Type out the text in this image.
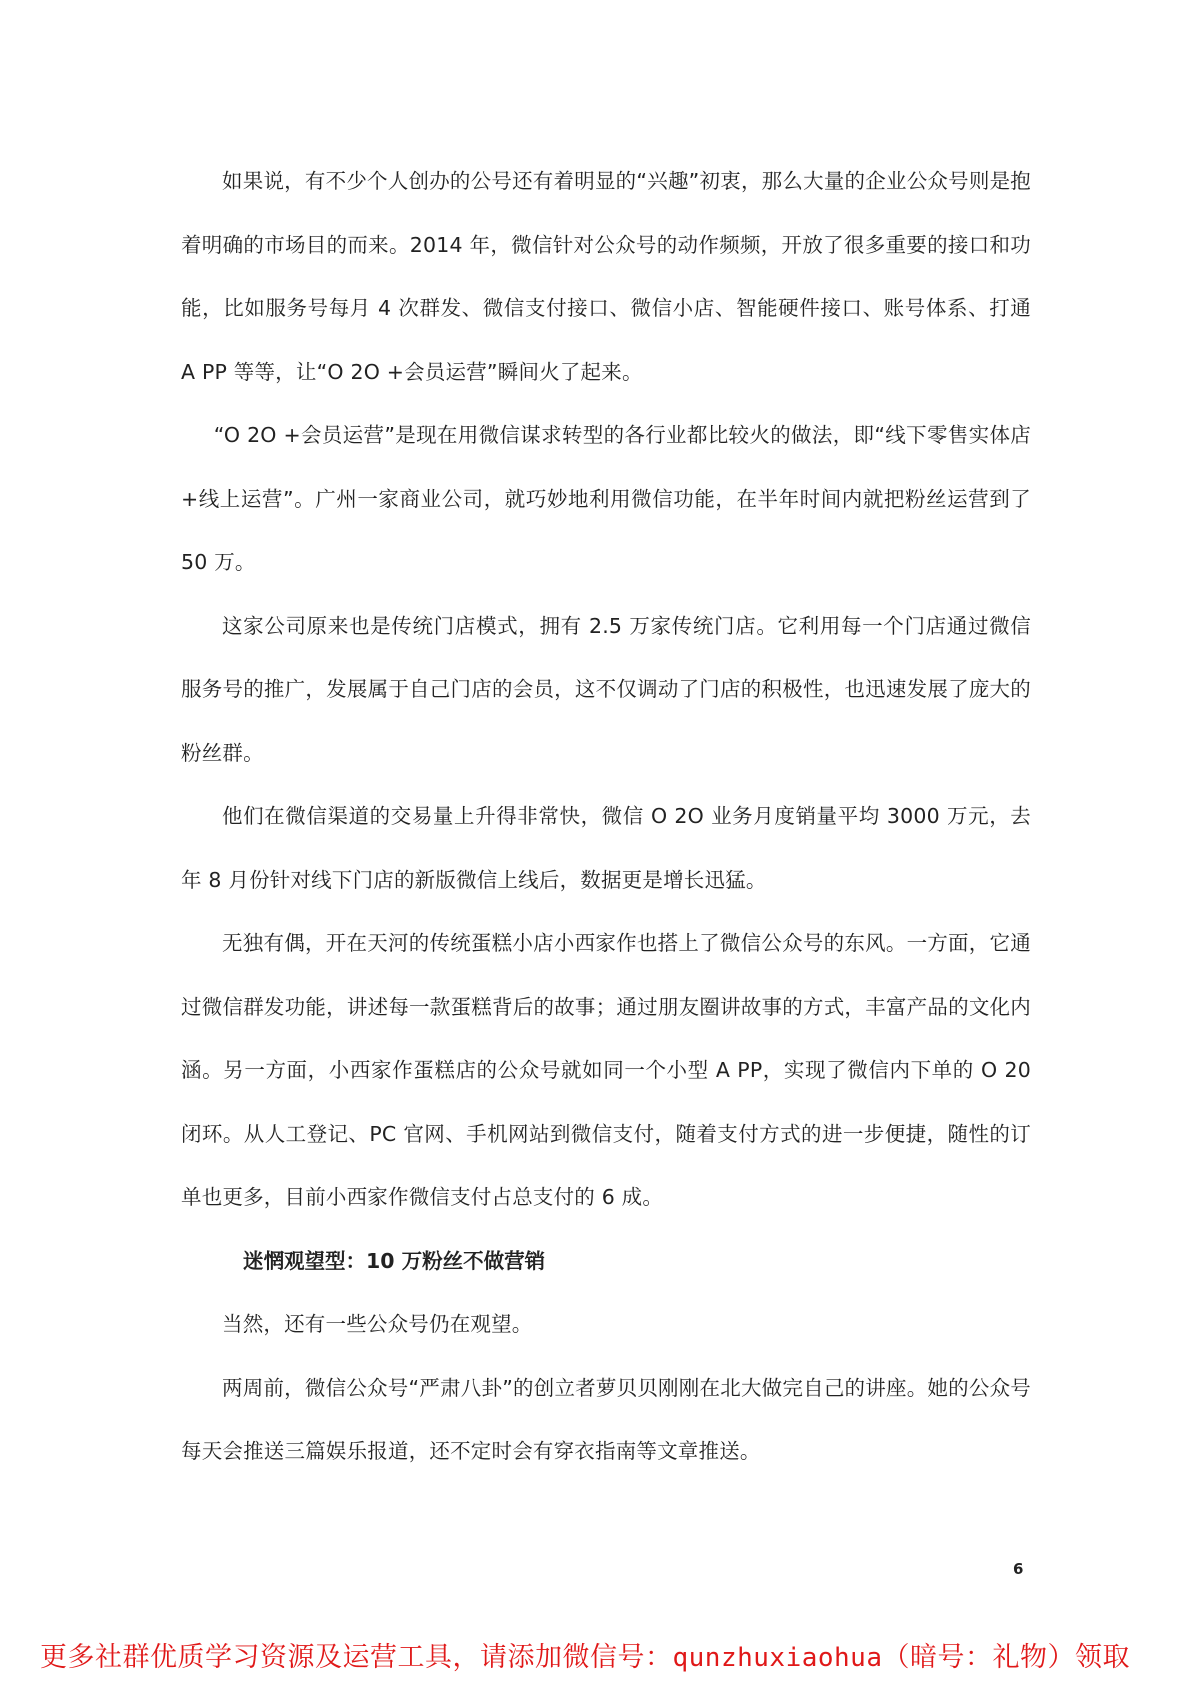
如果说，有不少个人创办的公号还有着明显的“兴趣”初衷，那么大量的企业公众号则是抱着明确的市场目的而来。2014 年，微信针对公众号的动作频频，开放了很多重要的接口和功能，比如服务号每月 4 次群发、微信支付接口、微信小店、智能硬件接口、账号体系、打通 A PP 等等，让“O 2O +会员运营”瞬间火了起来。

“O 2O +会员运营”是现在用微信谋求转型的各行业都比较火的做法，即“线下零售实体店+线上运营”。广州一家商业公司，就巧妙地利用微信功能，在半年时间内就把粉丝运营到了 50 万。

这家公司原来也是传统门店模式，拥有 2.5 万家传统门店。它利用每一个门店通过微信服务号的推广，发展属于自己门店的会员，这不仅调动了门店的积极性，也迅速发展了庞大的粉丝群。

他们在微信渠道的交易量上升得非常快，微信 O 2O 业务月度销量平均 3000 万元，去年 8 月份针对线下门店的新版微信上线后，数据更是增长迅猛。

无独有偶，开在天河的传统蛋糕小店小西家作也搭上了微信公众号的东风。一方面，它通过微信群发功能，讲述每一款蛋糕背后的故事；通过朋友圈讲故事的方式，丰富产品的文化内涵。另一方面，小西家作蛋糕店的公众号就如同一个小型 A PP，实现了微信内下单的 O 20 闭环。从人工登记、PC 官网、手机网站到微信支付，随着支付方式的进一步便捷，随性的订单也更多，目前小西家作微信支付占总支付的 6 成。

迷惘观望型：10 万粉丝不做营销

当然，还有一些公众号仍在观望。

两周前，微信公众号“严肃八卦”的创立者萝贝贝刚刚在北大做完自己的讲座。她的公众号每天会推送三篇娱乐报道，还不定时会有穿衣指南等文章推送。

6
更多社群优质学习资源及运营工具，请添加微信号：qunzhuxiaohua（暗号：礼物）领取
